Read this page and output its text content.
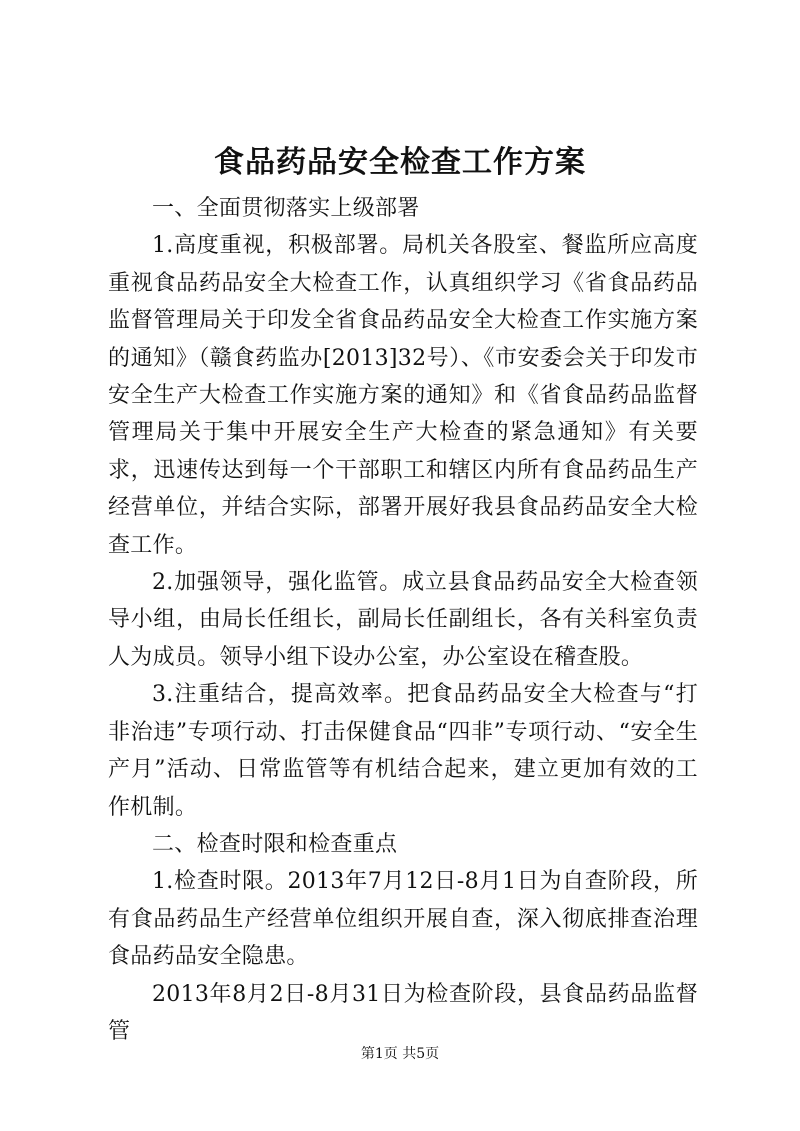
食品药品安全检查工作方案

一、全面贯彻落实上级部署

1.高度重视，积极部署。局机关各股室、餐监所应高度重视食品药品安全大检查工作，认真组织学习《省食品药品监督管理局关于印发全省食品药品安全大检查工作实施方案的通知》（赣食药监办[2013]32号）、《市安委会关于印发市安全生产大检查工作实施方案的通知》和《省食品药品监督管理局关于集中开展安全生产大检查的紧急通知》有关要求，迅速传达到每一个干部职工和辖区内所有食品药品生产经营单位，并结合实际，部署开展好我县食品药品安全大检查工作。

2.加强领导，强化监管。成立县食品药品安全大检查领导小组，由局长任组长，副局长任副组长，各有关科室负责人为成员。领导小组下设办公室，办公室设在稽查股。

3.注重结合，提高效率。把食品药品安全大检查与“打非治违”专项行动、打击保健食品“四非”专项行动、“安全生产月”活动、日常监管等有机结合起来，建立更加有效的工作机制。

二、检查时限和检查重点

1.检查时限。2013年7月12日-8月1日为自查阶段，所有食品药品生产经营单位组织开展自查，深入彻底排查治理食品药品安全隐患。

2013年8月2日-8月31日为检查阶段，县食品药品监督管

第1页 共5页
